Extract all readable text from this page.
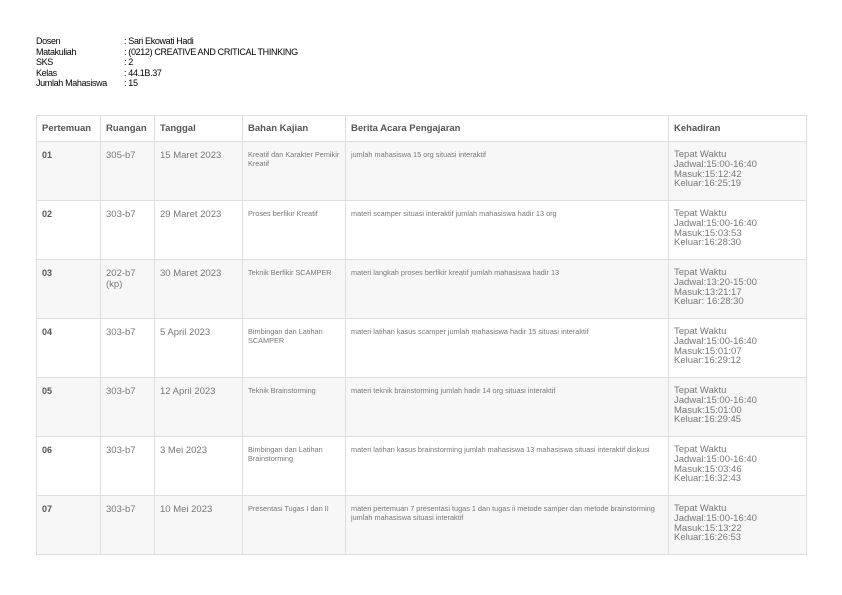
Dosen	: Sari Ekowati Hadi
Matakuliah	: (0212) CREATIVE AND CRITICAL THINKING
SKS	: 2
Kelas	: 44.1B.37
Jumlah Mahasiswa	: 15
Pertemuan	Ruangan	Tanggal	Bahan Kajian	Berita Acara Pengajaran	Kehadiran

01	305-b7	15 Maret 2023	Kreatif dan Karakter Pemikir Kreatif	jumlah mahasiswa 15 org situasi interaktif	Tepat Waktu
Jadwal:15:00-16:40
Masuk:15:12:42
Keluar:16:25:19

02	303-b7	29 Maret 2023	Proses berfikir Kreatif	materi scamper situasi interaktif jumlah mahasiswa hadir 13 org	Tepat Waktu
Jadwal:15:00-16:40
Masuk:15:03:53
Keluar:16:28:30

03	202-b7 (kp)	30 Maret 2023	Teknik Berfikir SCAMPER	materi langkah proses berfikir kreatif jumlah mahasiswa hadir 13	Tepat Waktu
Jadwal:13:20-15:00
Masuk:13:21:17
Keluar: 16:28:30

04	303-b7	5 April 2023	Bimbingan dan Latihan SCAMPER	materi latihan kasus scamper jumlah mahasiswa hadir 15 situasi interaktif	Tepat Waktu
Jadwal:15:00-16:40
Masuk:15:01:07
Keluar:16:29:12

05	303-b7	12 April 2023	Teknik Brainstorming	materi teknik brainstorming jumlah hadir 14 org situasi interaktif	Tepat Waktu
Jadwal:15:00-16:40
Masuk:15:01:00
Keluar:16:29:45

06	303-b7	3 Mei 2023	Bimbingan dan Latihan Brainstorming	materi latihan kasus brainstorming jumlah mahasiswa 13 mahasiswa situasi interaktif diskusi	Tepat Waktu
Jadwal:15:00-16:40
Masuk:15:03:46
Keluar:16:32:43

07	303-b7	10 Mei 2023	Presentasi Tugas I dan II	materi pertemuan 7 presentasi tugas 1 dan tugas ii metode samper dan metode brainstorming jumlah mahasiswa situasi interaktif	Tepat Waktu
Jadwal:15:00-16:40
Masuk:15:13:22
Keluar:16:26:53
